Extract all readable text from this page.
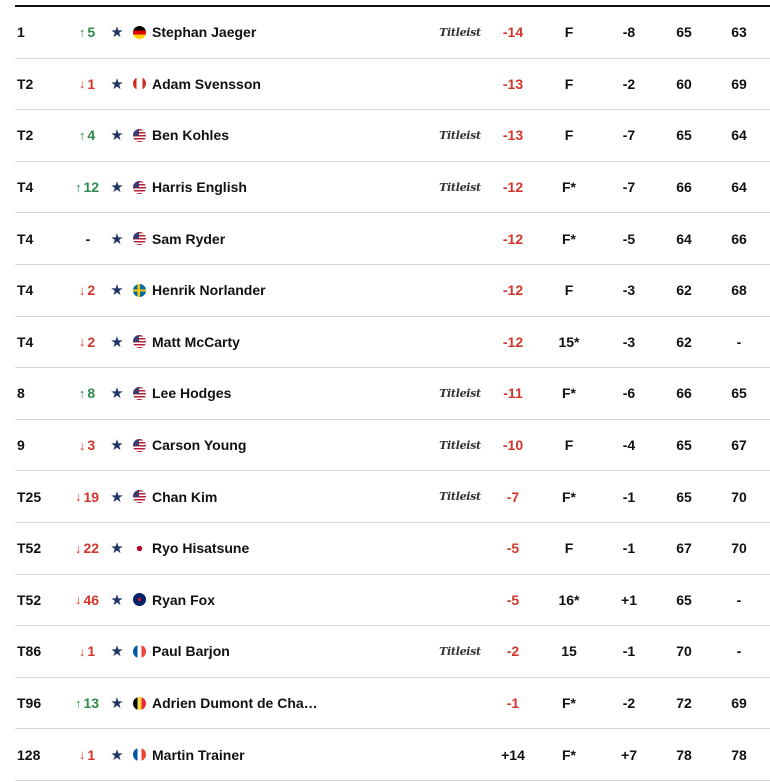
1	↑ 5 ★ Stephan Jaeger	Titleist	-14	F	-8	65	63
T2	↓ 1 ★ Adam Svensson	-13	F	-2	60	69
T2	↑ 4 ★ Ben Kohles	Titleist	-13	F	-7	65	64
T4	↑ 12 ★ Harris English	Titleist	-12	F*	-7	66	64
T4	- ★ Sam Ryder	-12	F*	-5	64	66
T4	↓ 2 ★ Henrik Norlander	-12	F	-3	62	68
T4	↓ 2 ★ Matt McCarty	-12	15*	-3	62	-
8	↑ 8 ★ Lee Hodges	Titleist	-11	F*	-6	66	65
9	↓ 3 ★ Carson Young	Titleist	-10	F	-4	65	67
T25	↓ 19 ★ Chan Kim	Titleist	-7	F*	-1	65	70
T52	↓ 22 ★ Ryo Hisatsune	-5	F	-1	67	70
T52	↓ 46 ★ Ryan Fox	-5	16*	+1	65	-
T86	↓ 1 ★ Paul Barjon	Titleist	-2	15	-1	70	-
T96	↑ 13 ★ Adrien Dumont de Cha…	-1	F*	-2	72	69
128	↓ 1 ★ Martin Trainer	+14	F*	+7	78	78
